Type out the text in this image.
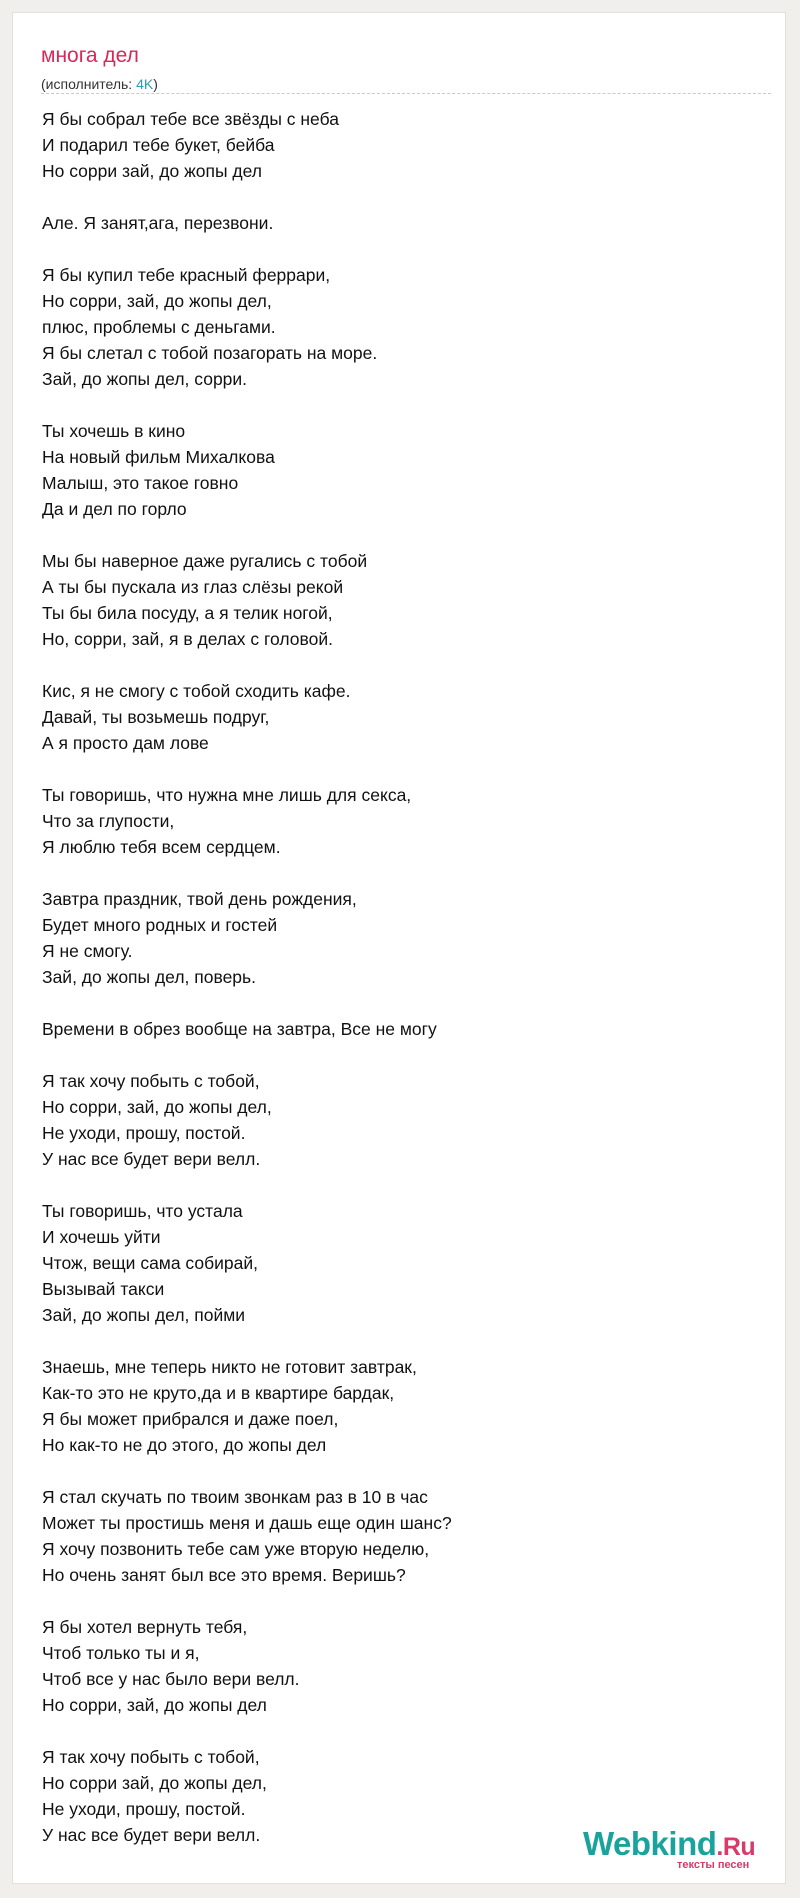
многа дел
(исполнитель: 4K)
Я бы собрал тебе все звёзды с неба
И подарил тебе букет, бейба
Но сорри зай, до жопы дел
Але. Я занят,ага, перезвони.
Я бы купил тебе красный феррари,
Но сорри, зай, до жопы дел,
плюс, проблемы с деньгами.
Я бы слетал с тобой позагорать на море.
Зай, до жопы дел, сорри.
Ты хочешь в кино
На новый фильм Михалкова
Малыш, это такое говно
Да и дел по горло
Мы бы наверное даже ругались с тобой
А ты бы пускала из глаз слёзы рекой
Ты бы била посуду, а я телик ногой,
Но, сорри, зай, я в делах с головой.
Кис, я не смогу с тобой сходить кафе.
Давай, ты возьмешь подруг,
А я просто дам лове
Ты говоришь, что нужна мне лишь для секса,
Что за глупости,
Я люблю тебя всем сердцем.
Завтра праздник, твой день рождения,
Будет много родных и гостей
Я не смогу.
Зай, до жопы дел, поверь.
Времени в обрез вообще на завтра, Все не могу
Я так хочу побыть с тобой,
Но сорри, зай, до жопы дел,
Не уходи, прошу, постой.
У нас все будет вери велл.
Ты говоришь, что устала
И хочешь уйти
Чтож, вещи сама собирай,
Вызывай такси
Зай, до жопы дел, пойми
Знаешь, мне теперь никто не готовит завтрак,
Как-то это не круто,да и в квартире бардак,
Я бы может прибрался и даже поел,
Но как-то не до этого, до жопы дел
Я стал скучать по твоим звонкам раз в 10 в час
Может ты простишь меня и дашь еще один шанс?
Я хочу позвонить тебе сам уже вторую неделю,
Но очень занят был все это время. Веришь?
Я бы хотел вернуть тебя,
Чтоб только ты и я,
Чтоб все у нас было вери велл.
Но сорри, зай, до жопы дел
Я так хочу побыть с тобой,
Но сорри зай, до жопы дел,
Не уходи, прошу, постой.
У нас все будет вери велл.	Webkind.Ru
тексты песен
